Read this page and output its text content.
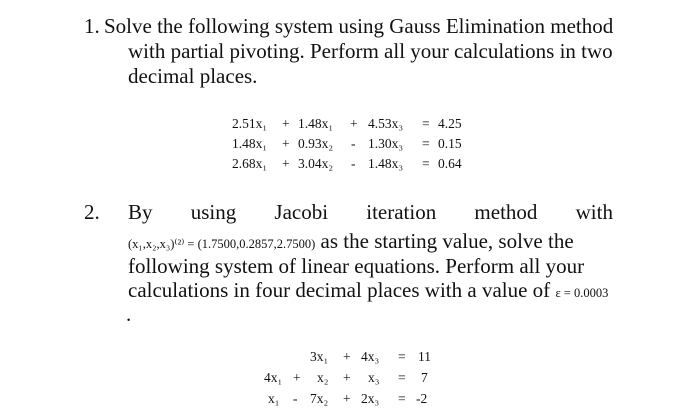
1. Solve the following system using Gauss Elimination method
with partial pivoting. Perform all your calculations in two
decimal places.
2.51x₁ + 1.48x₁ + 4.53x₃ = 4.25
1.48x₁ + 0.93x₂ - 1.30x₃ = 0.15
2.68x₁ + 3.04x₂ - 1.48x₃ = 0.64
2. By using Jacobi iteration method with
(x₁,x₂,x₃)⁽²⁾ = (1.7500,0.2857,2.7500) as the starting value, solve the
following system of linear equations. Perform all your
calculations in four decimal places with a value of ε = 0.0003
.
3x₁ + 4x₃ = 11
4x₁ + x₂ + x₃ = 7
x₁ - 7x₂ + 2x₃ = -2
